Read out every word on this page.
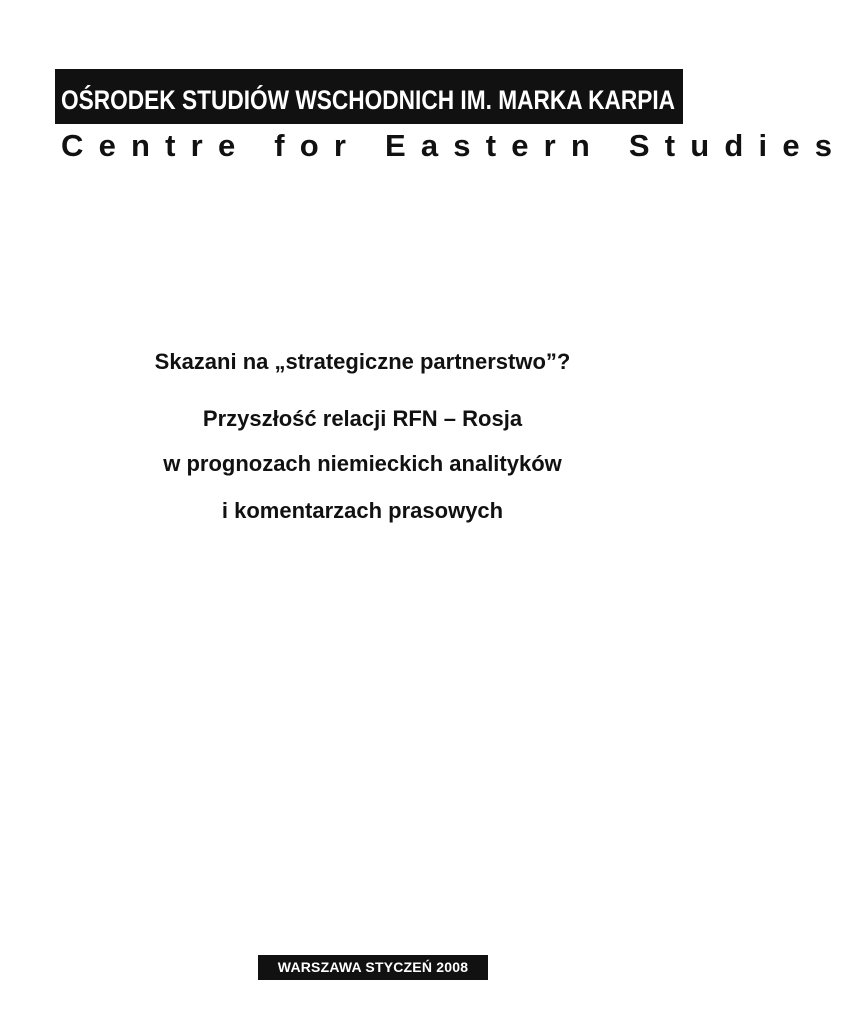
OŚRODEK STUDIÓW WSCHODNICH IM. MARKA KARPIA
Centre for Eastern Studies
Skazani na „strategiczne partnerstwo”?
Przyszłość relacji RFN – Rosja
w prognozach niemieckich analityków
i komentarzach prasowych
WARSZAWA STYCZEŃ 2008
